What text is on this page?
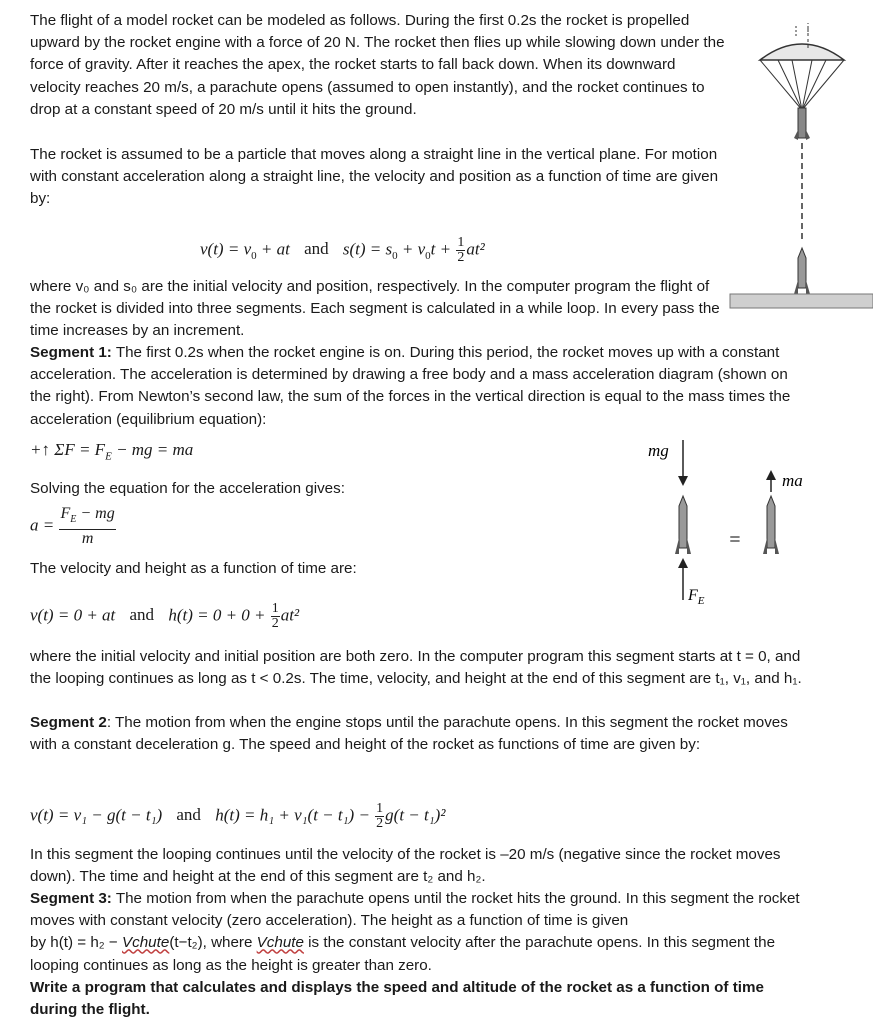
The flight of a model rocket can be modeled as follows. During the first 0.2s the rocket is propelled upward by the rocket engine with a force of 20 N. The rocket then flies up while slowing down under the force of gravity. After it reaches the apex, the rocket starts to fall back down. When its downward velocity reaches 20 m/s, a parachute opens (assumed to open instantly), and the rocket continues to drop at a constant speed of 20 m/s until it hits the ground.

The rocket is assumed to be a particle that moves along a straight line in the vertical plane. For motion with constant acceleration along a straight line, the velocity and position as a function of time are given by:

$v(t) = v_0$ + at and $s(t) = s_0 + v_0t + \frac{1}{2} at^2$

where v₀ and s₀ are the initial velocity and position, respectively. In the computer program the flight of the rocket is divided into three segments. Each segment is calculated in a while loop. In every pass the time increases by an increment.

Segment 1: The first 0.2s when the rocket engine is on. During this period, the rocket moves up with a constant acceleration. The acceleration is determined by drawing a free body and a mass acceleration diagram (shown on the right). From Newton’s second law, the sum of the forces in the vertical direction is equal to the mass times the acceleration (equilibrium equation):

+↑ $\Sigma F = F_E$ − mg = ma

Solving the equation for the acceleration gives:

$a = \frac{F_E - mg}{m}$

The velocity and height as a function of time are:

v(t) = 0 + at and $h(t) = 0 + 0 + \frac{1}{2} at^2$

where the initial velocity and initial position are both zero. In the computer program this segment starts at t = 0, and the looping continues as long as t < 0.2s. The time, velocity, and height at the end of this segment are t₁, v₁, and h₁.

Segment 2: The motion from when the engine stops until the parachute opens. In this segment the rocket moves with a constant deceleration g. The speed and height of the rocket as functions of time are given by:

v(t) = v₁ − g(t − t₁) and $h(t) = h_1 + v_1(t - t_1) - \frac{1}{2} g(t - t_1)^2$

In this segment the looping continues until the velocity of the rocket is –20 m/s (negative since the rocket moves down). The time and height at the end of this segment are t₂ and h₂.

Segment 3: The motion from when the parachute opens until the rocket hits the ground. In this segment the rocket moves with constant velocity (zero acceleration). The height as a function of time is given
by h(t) = h₂ − Vchute(t−t₂), where Vchute is the constant velocity after the parachute opens. In this segment the looping continues as long as the height is greater than zero.

Write a program that calculates and displays the speed and altitude of the rocket as a function of time during the flight.

mg
$F_E$
=
ma
